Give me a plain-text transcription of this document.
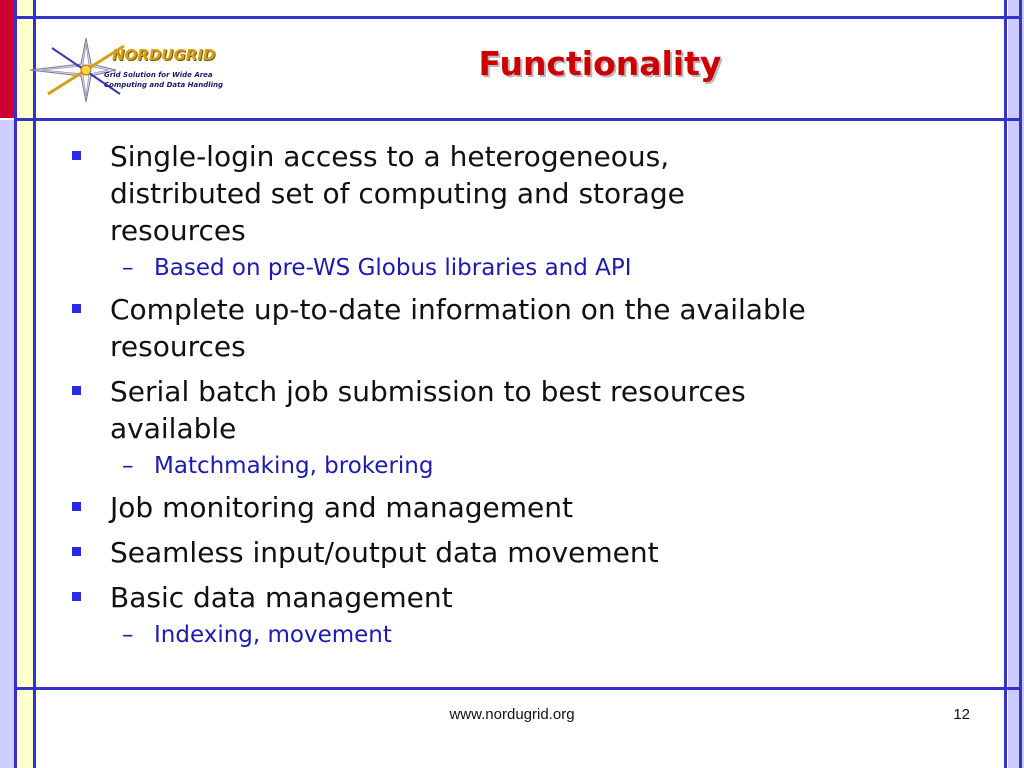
NORDUGRID
Grid Solution for Wide Area
Computing and Data Handling
Functionality
Single-login access to a heterogeneous,
distributed set of computing and storage
resources
– Based on pre-WS Globus libraries and API
Complete up-to-date information on the available
resources
Serial batch job submission to best resources
available
– Matchmaking, brokering
Job monitoring and management
Seamless input/output data movement
Basic data management
– Indexing, movement
www.nordugrid.org	12
